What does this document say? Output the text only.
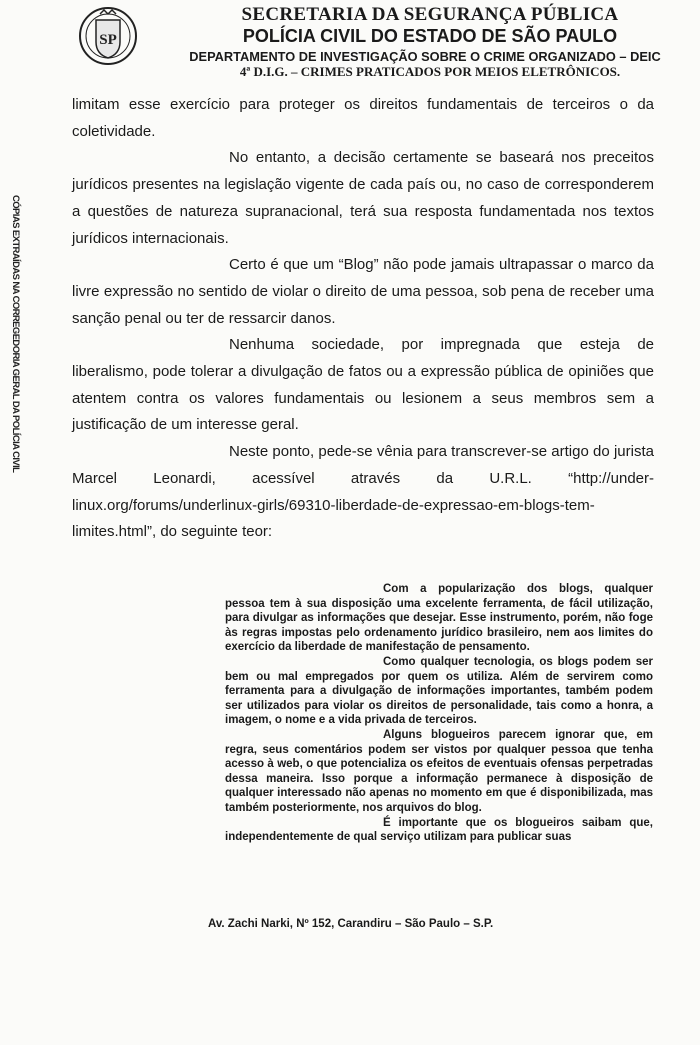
SP
SECRETARIA DA SEGURANÇA PÚBLICA
POLÍCIA CIVIL DO ESTADO DE SÃO PAULO
DEPARTAMENTO DE INVESTIGAÇÃO SOBRE O CRIME ORGANIZADO – DEIC
4ª D.I.G. – CRIMES PRATICADOS POR MEIOS ELETRÔNICOS.
CÓPIAS EXTRAÍDAS NA CORREGEDORIA GERAL DA POLÍCIA CIVIL

limitam esse exercício para proteger os direitos fundamentais de terceiros o da coletividade.

No entanto, a decisão certamente se baseará nos preceitos jurídicos presentes na legislação vigente de cada país ou, no caso de corresponderem a questões de natureza supranacional, terá sua resposta fundamentada nos textos jurídicos internacionais.

Certo é que um “Blog” não pode jamais ultrapassar o marco da livre expressão no sentido de violar o direito de uma pessoa, sob pena de receber uma sanção penal ou ter de ressarcir danos.

Nenhuma sociedade, por impregnada que esteja de liberalismo, pode tolerar a divulgação de fatos ou a expressão pública de opiniões que atentem contra os valores fundamentais ou lesionem a seus membros sem a justificação de um interesse geral.

Neste ponto, pede-se vênia para transcrever-se artigo do jurista Marcel Leonardi, acessível através da U.R.L. “http://under-

linux.org/forums/underlinux-girls/69310-liberdade-de-expressao-em-blogs-tem-
limites.html”, do seguinte teor:

Com a popularização dos blogs, qualquer pessoa tem à sua disposição uma excelente ferramenta, de fácil utilização, para divulgar as informações que desejar. Esse instrumento, porém, não foge às regras impostas pelo ordenamento jurídico brasileiro, nem aos limites do exercício da liberdade de manifestação de pensamento.

Como qualquer tecnologia, os blogs podem ser bem ou mal empregados por quem os utiliza. Além de servirem como ferramenta para a divulgação de informações importantes, também podem ser utilizados para violar os direitos de personalidade, tais como a honra, a imagem, o nome e a vida privada de terceiros.

Alguns blogueiros parecem ignorar que, em regra, seus comentários podem ser vistos por qualquer pessoa que tenha acesso à web, o que potencializa os efeitos de eventuais ofensas perpetradas dessa maneira. Isso porque a informação permanece à disposição de qualquer interessado não apenas no momento em que é disponibilizada, mas também posteriormente, nos arquivos do blog.

É importante que os blogueiros saibam que, independentemente de qual serviço utilizam para publicar suas

Av. Zachi Narki, Nº 152, Carandiru – São Paulo – S.P.
